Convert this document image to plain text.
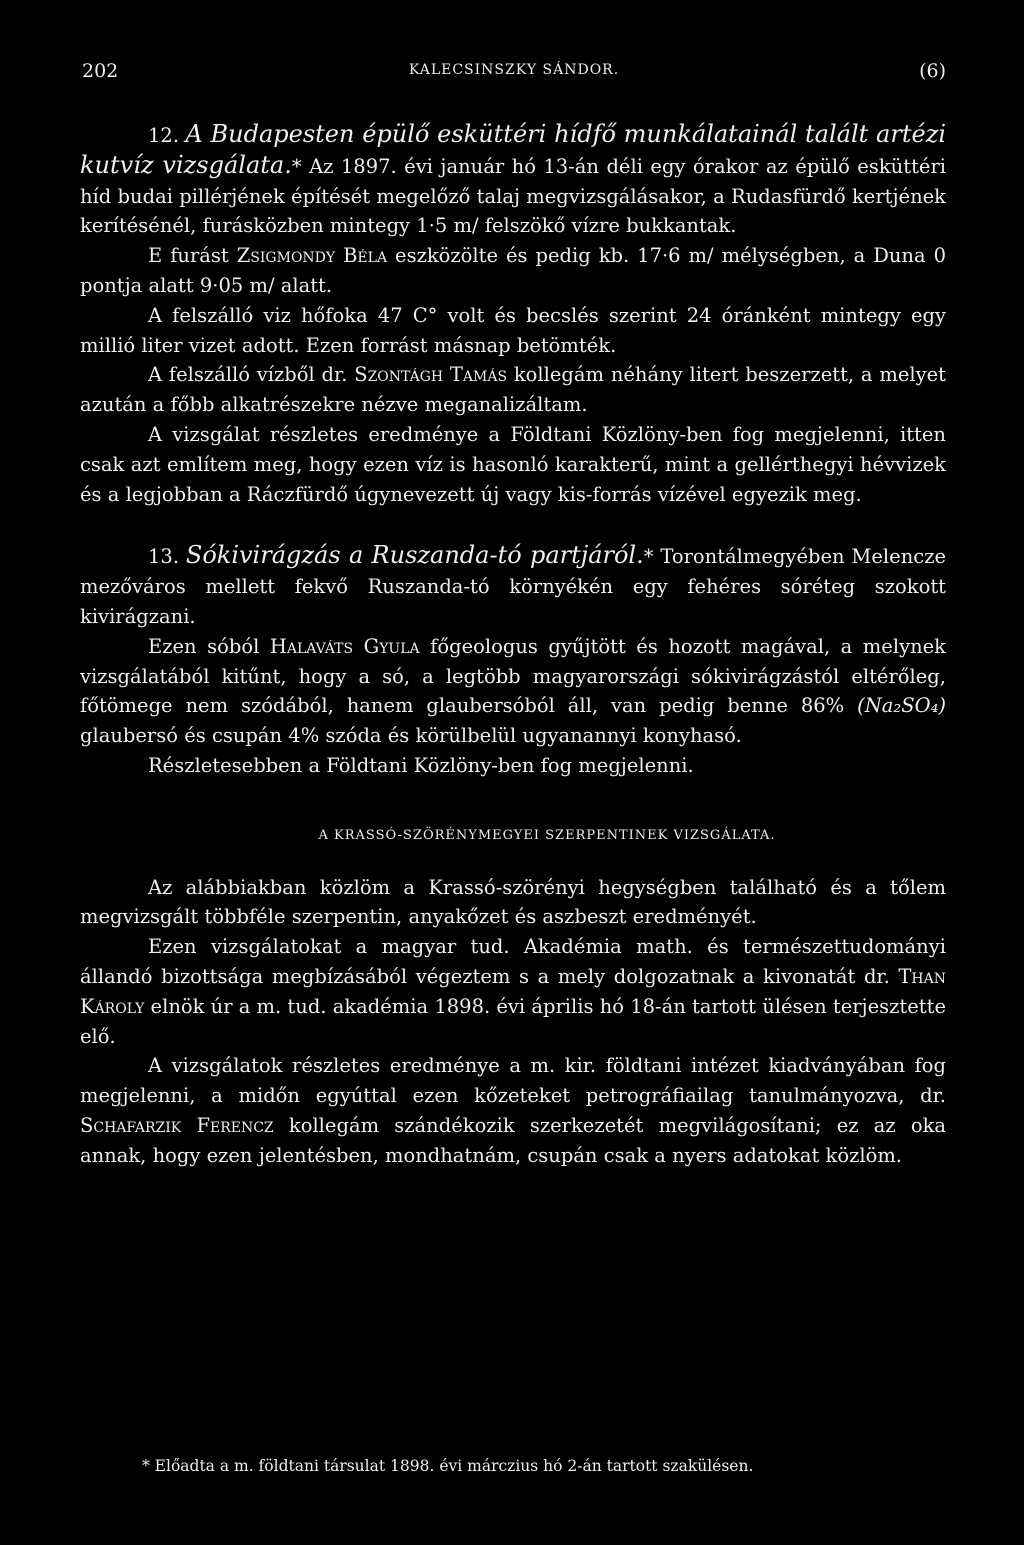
202	KALECSINSZKY SÁNDOR.	(6)

12. A Budapesten épülő esküttéri hídfő munkálatainál talált artézi kutvíz vizsgálata.* Az 1897. évi január hó 13-án déli egy órakor az épülő esküttéri híd budai pillérjének építését megelőző talaj megvizsgálásakor, a Rudasfürdő kertjének kerítésénél, furásközben mintegy 1·5 m/ felszökő vízre bukkantak.

E furást Zsigmondy Béla eszközölte és pedig kb. 17·6 m/ mélységben, a Duna 0 pontja alatt 9·05 m/ alatt.

A felszálló viz hőfoka 47 C° volt és becslés szerint 24 óránként mintegy egy millió liter vizet adott. Ezen forrást másnap betömték.

A felszálló vízből dr. Szontágh Tamás kollegám néhány litert beszerzett, a melyet azután a főbb alkatrészekre nézve meganalizáltam.

A vizsgálat részletes eredménye a Földtani Közlöny-ben fog megjelenni, itten csak azt említem meg, hogy ezen víz is hasonló karakterű, mint a gellérthegyi hévvizek és a legjobban a Ráczfürdő úgynevezett új vagy kis-forrás vízével egyezik meg.

13. Sókivirágzás a Ruszanda-tó partjáról.* Torontálmegyében Melencze mezőváros mellett fekvő Ruszanda-tó környékén egy fehéres sóréteg szokott kivirágzani.

Ezen sóból Halaváts Gyula főgeologus gyűjtött és hozott magával, a melynek vizsgálatából kitűnt, hogy a só, a legtöbb magyarországi sókivirágzástól eltérőleg, főtömege nem szódából, hanem glaubersóból áll, van pedig benne 86% (Na₂SO₄) glaubersó és csupán 4% szóda és körülbelül ugyanannyi konyhasó.

Részletesebben a Földtani Közlöny-ben fog megjelenni.

A KRASSÓ-SZÖRÉNYMEGYEI SZERPENTINEK VIZSGÁLATA.

Az alábbiakban közlöm a Krassó-szörényi hegységben található és a tőlem megvizsgált többféle szerpentin, anyakőzet és aszbeszt eredményét.

Ezen vizsgálatokat a magyar tud. Akadémia math. és természettudományi állandó bizottsága megbízásából végeztem s a mely dolgozatnak a kivonatát dr. Than Károly elnök úr a m. tud. akadémia 1898. évi április hó 18-án tartott ülésen terjesztette elő.

A vizsgálatok részletes eredménye a m. kir. földtani intézet kiadványában fog megjelenni, a midőn egyúttal ezen kőzeteket petrográfiailag tanulmányozva, dr. Schafarzik Ferencz kollegám szándékozik szerkezetét megvilágosítani; ez az oka annak, hogy ezen jelentésben, mondhatnám, csupán csak a nyers adatokat közlöm.

* Előadta a m. földtani társulat 1898. évi márczius hó 2-án tartott szakülésen.
